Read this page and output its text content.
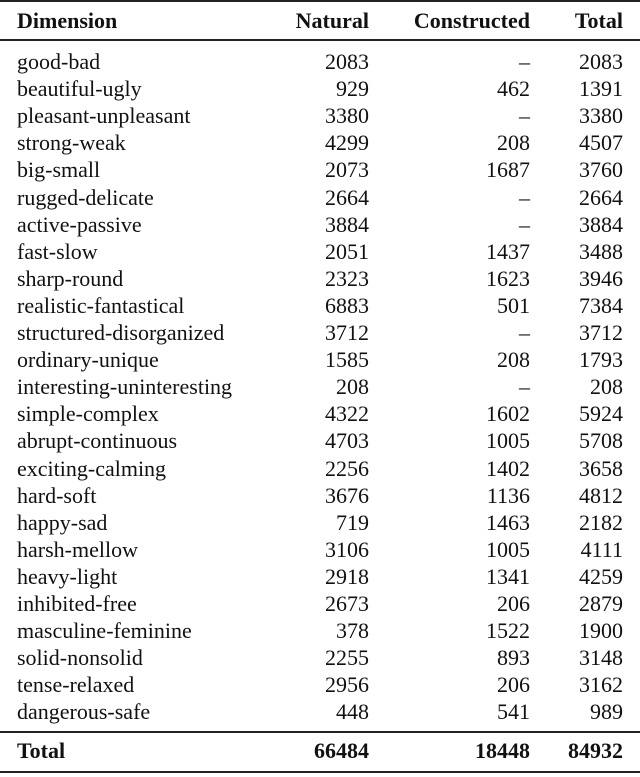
Dimension	Natural Constructed Total
good-bad	2083	– 2083
beautiful-ugly	929	462 1391
pleasant-unpleasant	3380	– 3380
strong-weak	4299	208 4507
big-small	2073	1687 3760
rugged-delicate	2664	– 2664
active-passive	3884	– 3884
fast-slow	2051	1437 3488
sharp-round	2323	1623 3946
realistic-fantastical	6883	501 7384
structured-disorganized	3712	– 3712
ordinary-unique	1585	208 1793
interesting-uninteresting	208	–	208
simple-complex	4322	1602 5924
abrupt-continuous	4703	1005 5708
exciting-calming	2256	1402 3658
hard-soft	3676	1136 4812
happy-sad	719	1463 2182
harsh-mellow	3106	1005 4111
heavy-light	2918	1341 4259
inhibited-free	2673	206 2879
masculine-feminine	378	1522 1900
solid-nonsolid	2255	893 3148
tense-relaxed	2956	206 3162
dangerous-safe	448	541	989
Total	66484	18448 84932
